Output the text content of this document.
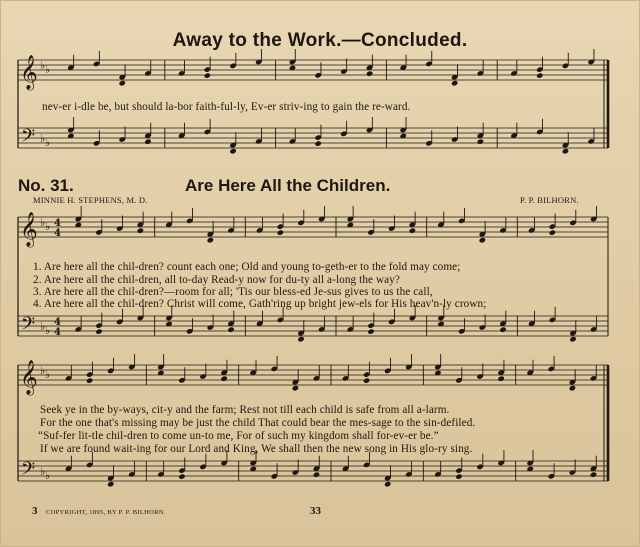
𝄞
𝄢
♭ ♭
♭ ♭
𝄞
𝄢
♭ ♭
♭ ♭
4
4
4
4
𝄞
𝄢
♭ ♭
♭ ♭
Away to the Work.—Concluded.
nev-er i-dle be, but should la-bor faith-ful-ly, Ev-er striv-ing to gain the re-ward.
No. 31.	Are Here All the Children.
MINNIE H. STEPHENS, M. D.	P. P. BILHORN.
1. Are here all the chil-dren? count each one; Old and young to-geth-er to the fold may come;
2. Are here all the chil-dren, all to-day Read-y now for du-ty all a-long the way?
3. Are here all the chil-dren?—room for all; 'Tis our bless-ed Je-sus gives to us the call,
4. Are here all the chil-dren? Christ will come, Gath'ring up bright jew-els for His heav'n-ly crown;
Seek ye in the by-ways, cit-y and the farm; Rest not till each child is safe from all a-larm.
For the one that's missing may be just the child That could bear the mes-sage to the sin-defiled.
“Suf-fer lit-tle chil-dren to come un-to me, For of such my kingdom shall for-ev-er be.”
If we are found wait-ing for our Lord and King, We shall then the new song in His glo-ry sing.
3 COPYRIGHT, 1895, BY P. P. BILHORN.	33
